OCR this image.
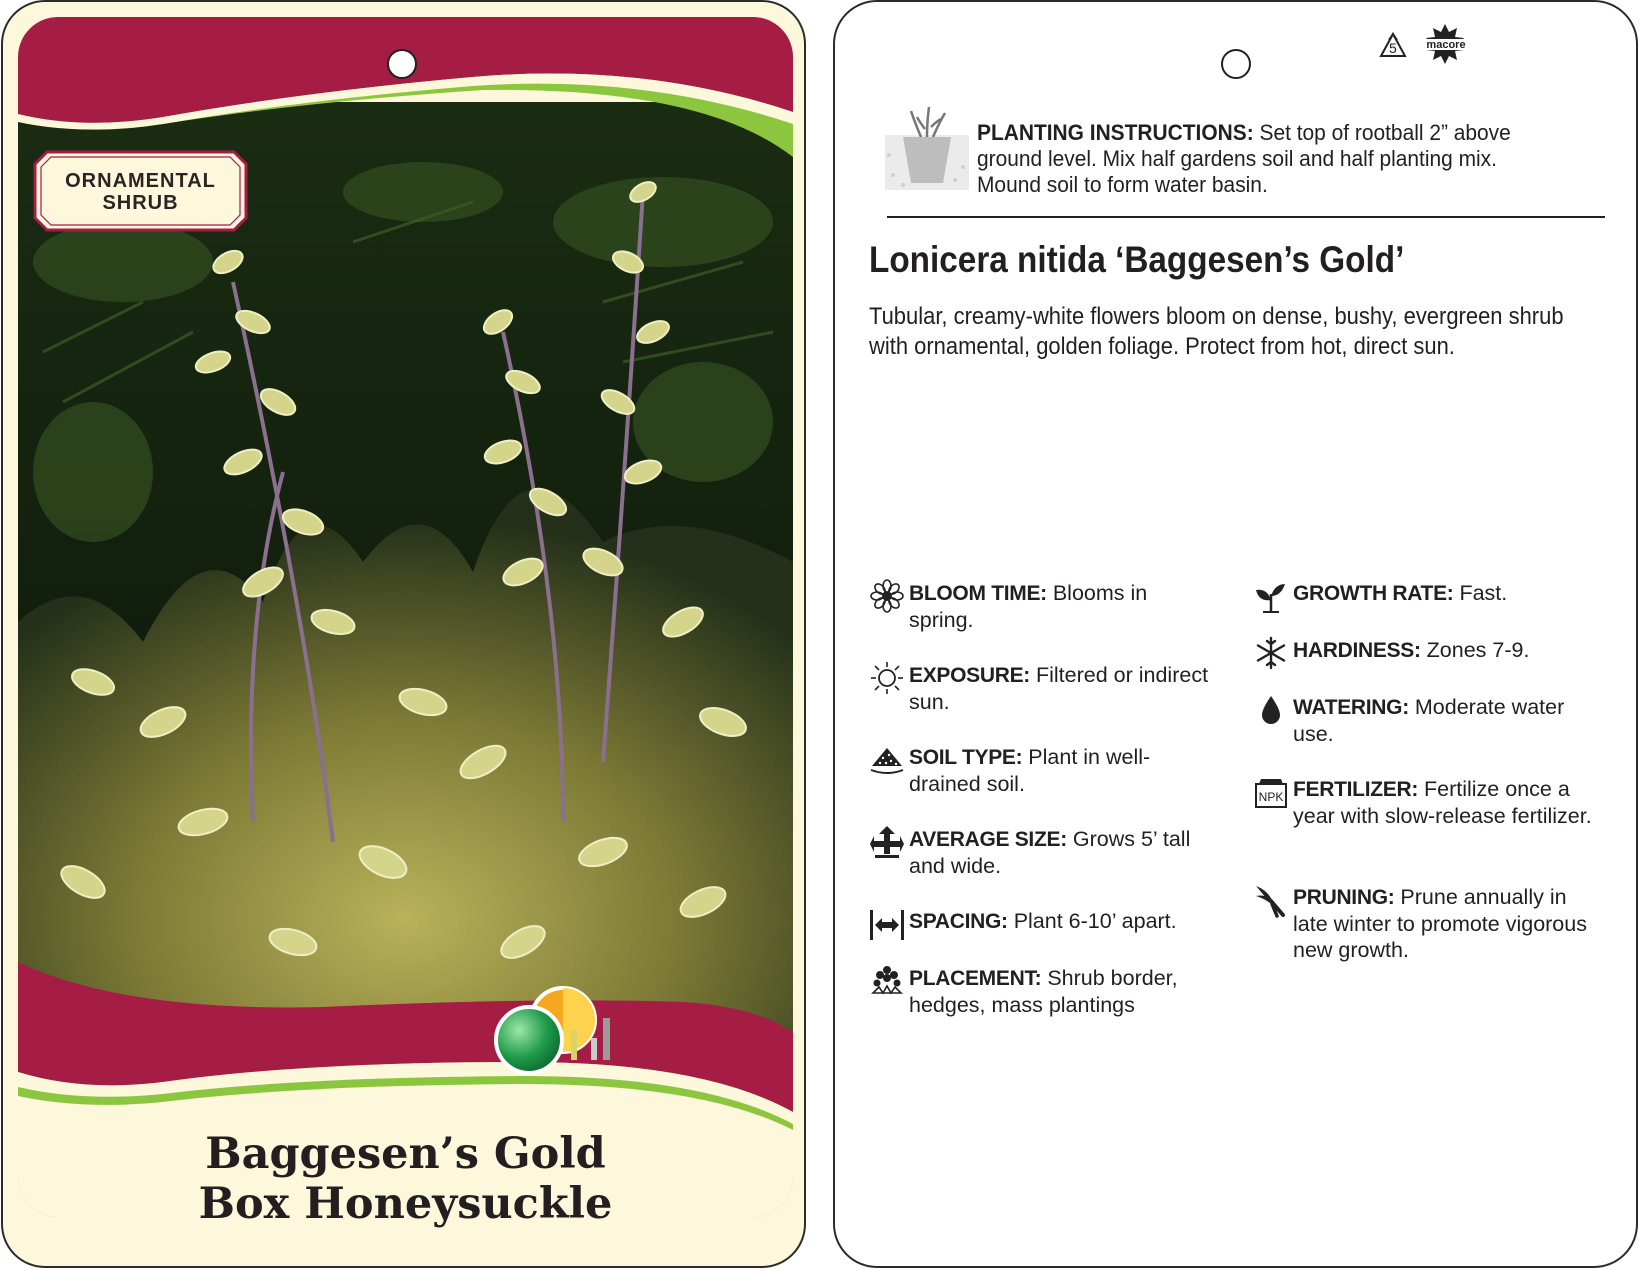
ORNAMENTAL
SHRUB
Baggesen’s Gold
Box Honeysuckle
5	macore
PLANTING INSTRUCTIONS: Set top of rootball 2” above ground level. Mix half gardens soil and half planting mix. Mound soil to form water basin.
Lonicera nitida ‘Baggesen’s Gold’
Tubular, creamy-white flowers bloom on dense, bushy, evergreen shrub with ornamental, golden foliage. Protect from hot, direct sun.
BLOOM TIME: Blooms in spring.
EXPOSURE: Filtered or indirect sun.
SOIL TYPE: Plant in well-drained soil.
AVERAGE SIZE: Grows 5’ tall and wide.
SPACING: Plant 6-10’ apart.
PLACEMENT: Shrub border, hedges, mass plantings
GROWTH RATE: Fast.
HARDINESS: Zones 7-9.
WATERING: Moderate water use.
NPK FERTILIZER: Fertilize once a year with slow-release fertilizer.
PRUNING: Prune annually in late winter to promote vigorous new growth.
